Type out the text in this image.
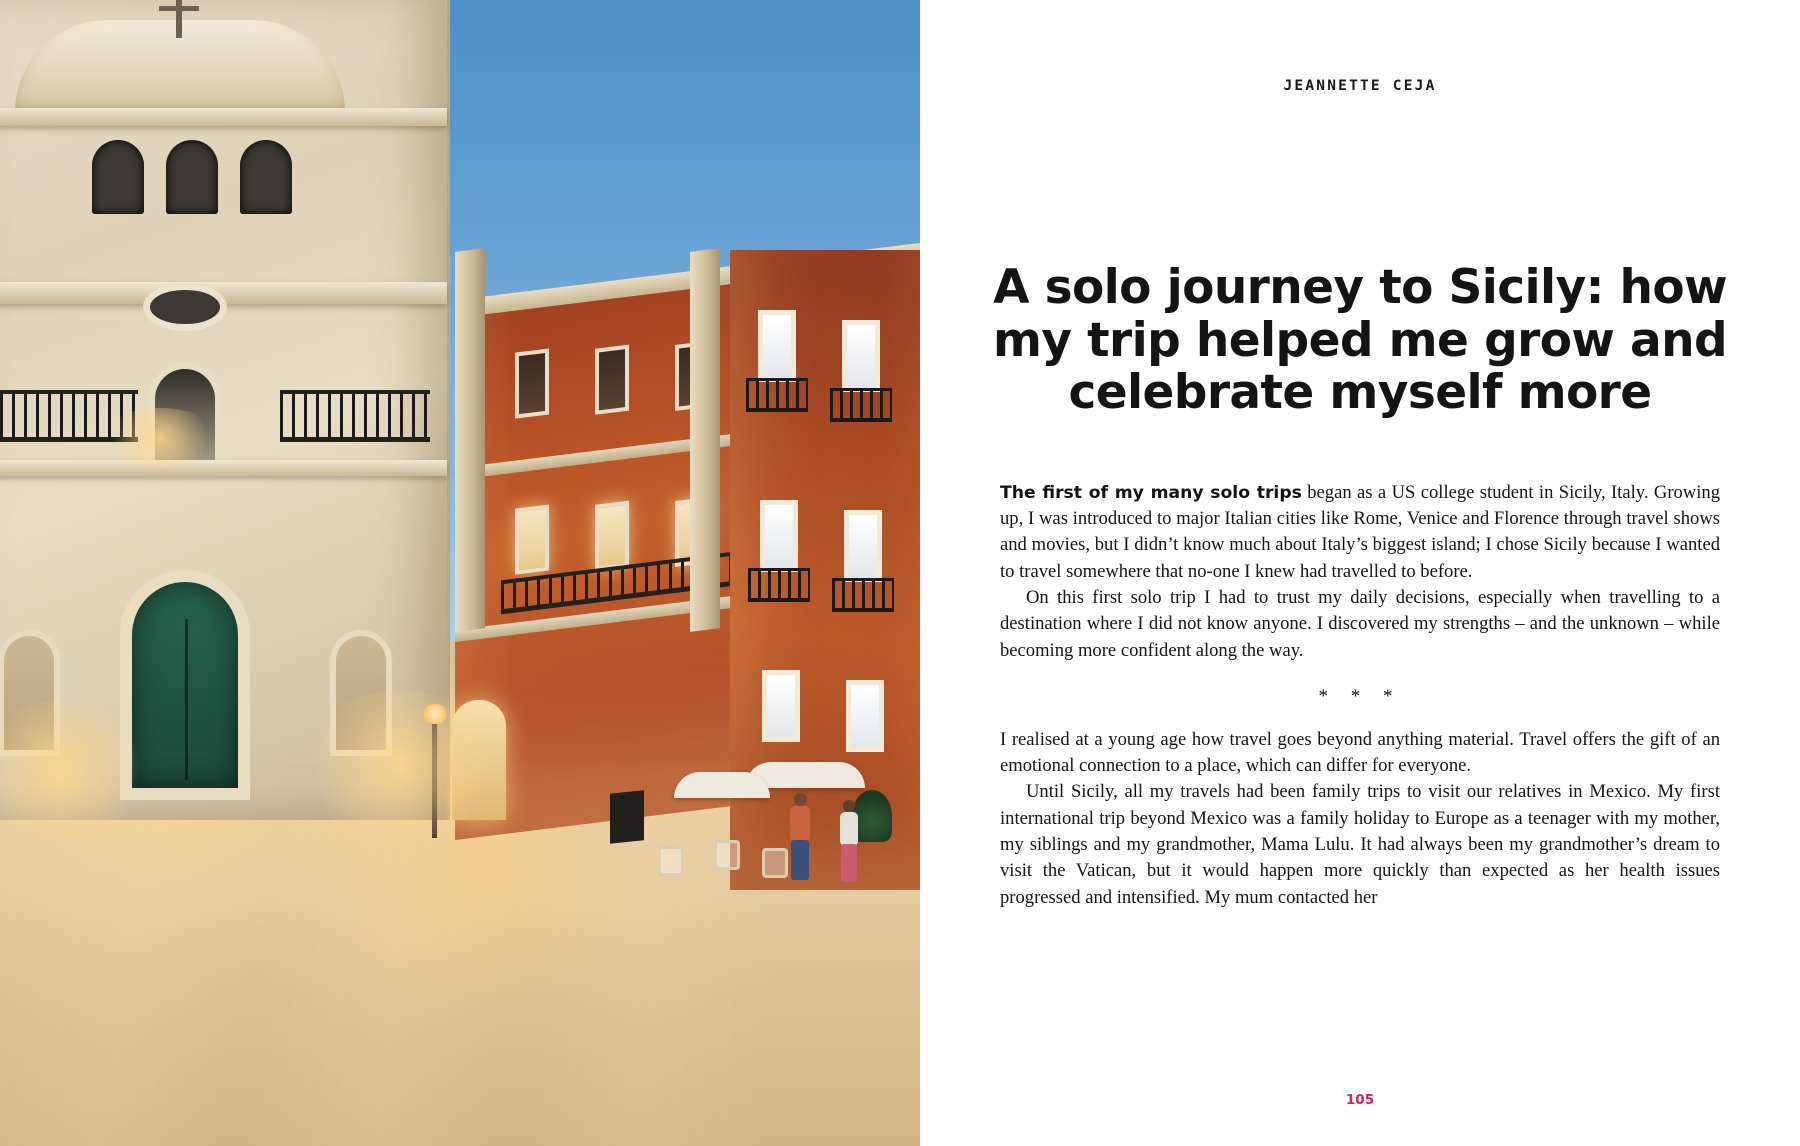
JEANNETTE CEJA
A solo journey to Sicily: how my trip helped me grow and celebrate myself more

The first of my many solo trips began as a US college student in Sicily, Italy. Growing up, I was introduced to major Italian cities like Rome, Venice and Florence through travel shows and movies, but I didn’t know much about Italy’s biggest island; I chose Sicily because I wanted to travel somewhere that no-one I knew had travelled to before.

On this first solo trip I had to trust my daily decisions, especially when travelling to a destination where I did not know anyone. I discovered my strengths – and the unknown – while becoming more confident along the way.

* * *

I realised at a young age how travel goes beyond anything material. Travel offers the gift of an emotional connection to a place, which can differ for everyone.

Until Sicily, all my travels had been family trips to visit our relatives in Mexico. My first international trip beyond Mexico was a family holiday to Europe as a teenager with my mother, my siblings and my grandmother, Mama Lulu. It had always been my grandmother’s dream to visit the Vatican, but it would happen more quickly than expected as her health issues progressed and intensified. My mum contacted her

105
